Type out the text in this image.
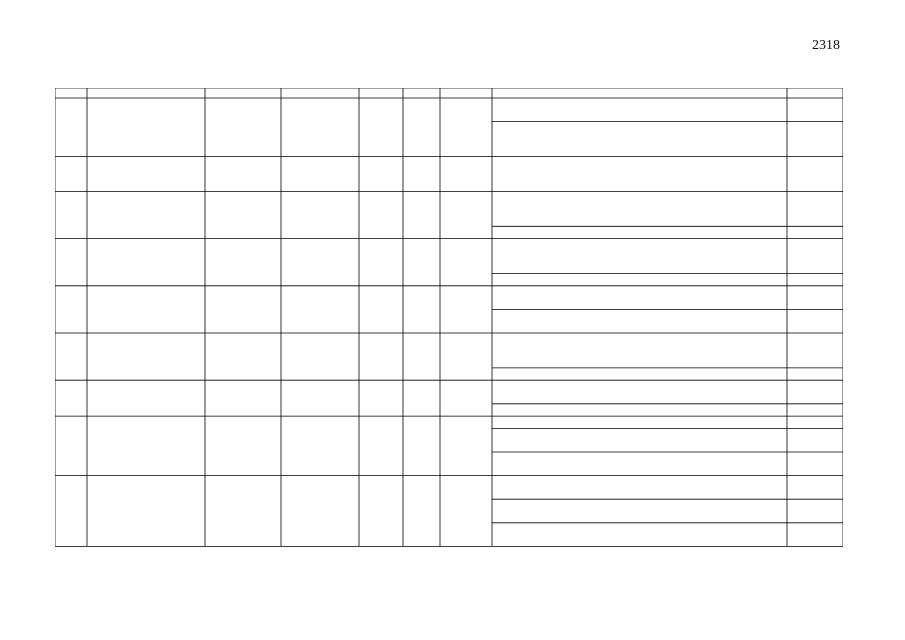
2318
